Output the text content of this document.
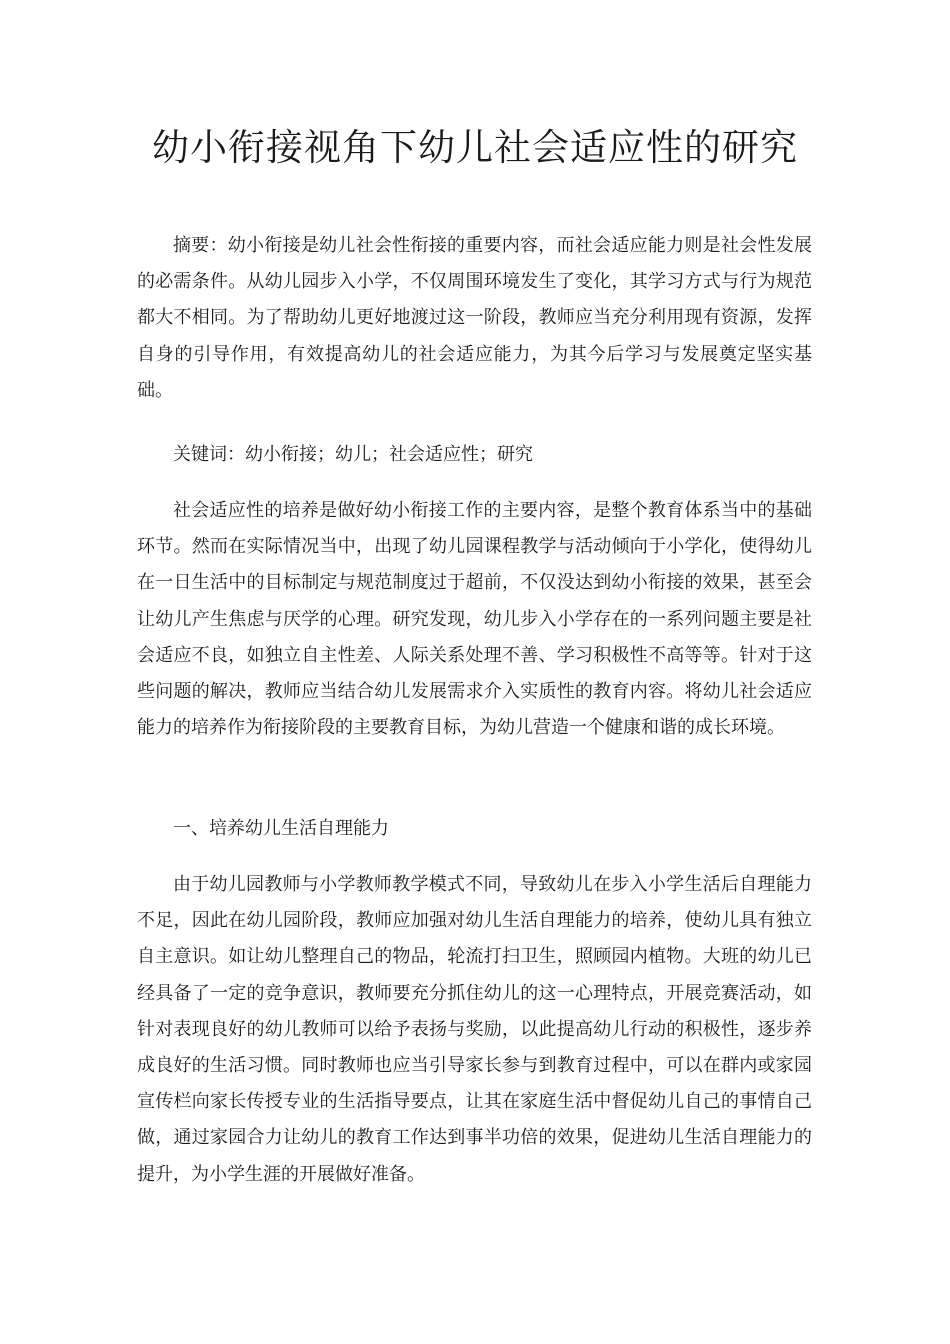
幼小衔接视角下幼儿社会适应性的研究

摘要：幼小衔接是幼儿社会性衔接的重要内容，而社会适应能力则是社会性发展的必需条件。从幼儿园步入小学，不仅周围环境发生了变化，其学习方式与行为规范都大不相同。为了帮助幼儿更好地渡过这一阶段，教师应当充分利用现有资源，发挥自身的引导作用，有效提高幼儿的社会适应能力，为其今后学习与发展奠定坚实基础。

关键词：幼小衔接；幼儿；社会适应性；研究

社会适应性的培养是做好幼小衔接工作的主要内容，是整个教育体系当中的基础环节。然而在实际情况当中，出现了幼儿园课程教学与活动倾向于小学化，使得幼儿在一日生活中的目标制定与规范制度过于超前，不仅没达到幼小衔接的效果，甚至会让幼儿产生焦虑与厌学的心理。研究发现，幼儿步入小学存在的一系列问题主要是社会适应不良，如独立自主性差、人际关系处理不善、学习积极性不高等等。针对于这些问题的解决，教师应当结合幼儿发展需求介入实质性的教育内容。将幼儿社会适应能力的培养作为衔接阶段的主要教育目标，为幼儿营造一个健康和谐的成长环境。

一、培养幼儿生活自理能力

由于幼儿园教师与小学教师教学模式不同，导致幼儿在步入小学生活后自理能力不足，因此在幼儿园阶段，教师应加强对幼儿生活自理能力的培养，使幼儿具有独立自主意识。如让幼儿整理自己的物品，轮流打扫卫生，照顾园内植物。大班的幼儿已经具备了一定的竞争意识，教师要充分抓住幼儿的这一心理特点，开展竞赛活动，如针对表现良好的幼儿教师可以给予表扬与奖励，以此提高幼儿行动的积极性，逐步养成良好的生活习惯。同时教师也应当引导家长参与到教育过程中，可以在群内或家园宣传栏向家长传授专业的生活指导要点，让其在家庭生活中督促幼儿自己的事情自己做，通过家园合力让幼儿的教育工作达到事半功倍的效果，促进幼儿生活自理能力的提升，为小学生涯的开展做好准备。
